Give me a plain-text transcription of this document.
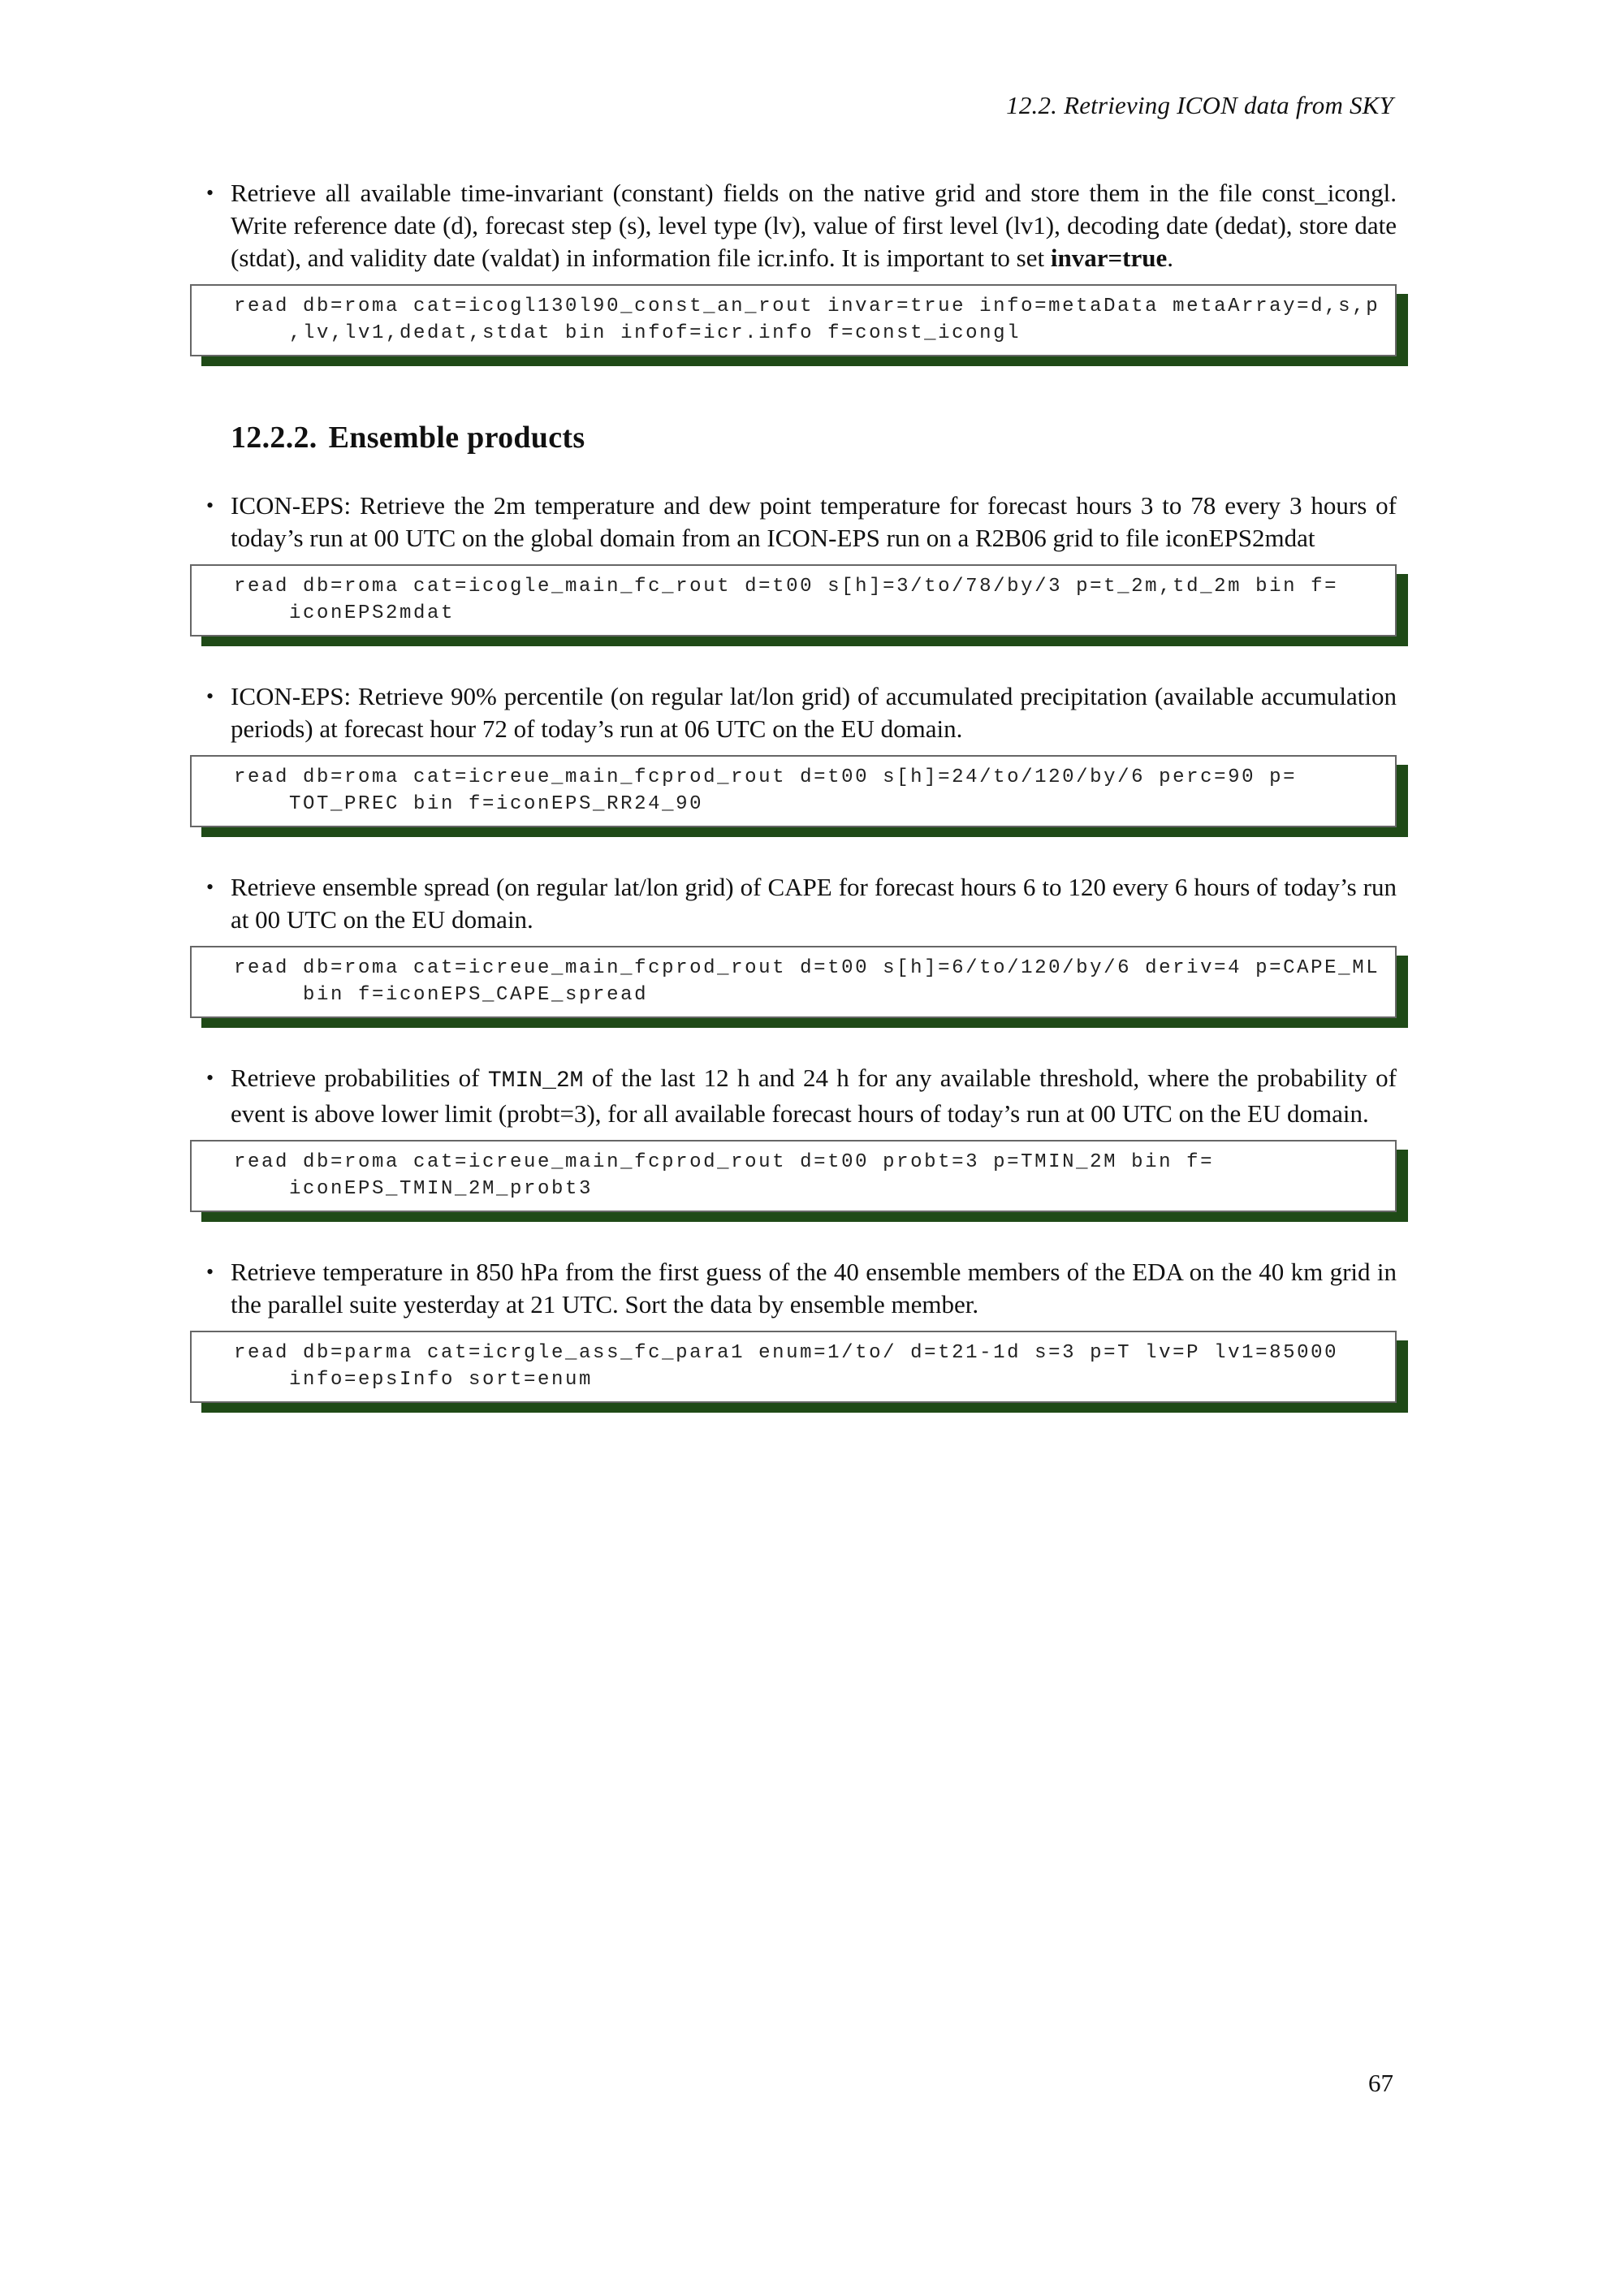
12.2. Retrieving ICON data from SKY
• Retrieve all available time-invariant (constant) fields on the native grid and store them in the file const_icongl. Write reference date (d), forecast step (s), level type (lv), value of first level (lv1), decoding date (dedat), store date (stdat), and validity date (valdat) in information file icr.info. It is important to set invar=true.
read db=roma cat=icogl130l90_const_an_rout invar=true info=metaData metaArray=d,s,p
,lv,lv1,dedat,stdat bin infof=icr.info f=const_icongl
12.2.2. Ensemble products
• ICON-EPS: Retrieve the 2m temperature and dew point temperature for forecast hours 3 to 78 every 3 hours of today’s run at 00 UTC on the global domain from an ICON-EPS run on a R2B06 grid to file iconEPS2mdat
read db=roma cat=icogle_main_fc_rout d=t00 s[h]=3/to/78/by/3 p=t_2m,td_2m bin f=
iconEPS2mdat
• ICON-EPS: Retrieve 90% percentile (on regular lat/lon grid) of accumulated precipitation (available accumulation periods) at forecast hour 72 of today’s run at 06 UTC on the EU domain.
read db=roma cat=icreue_main_fcprod_rout d=t00 s[h]=24/to/120/by/6 perc=90 p=
TOT_PREC bin f=iconEPS_RR24_90
• Retrieve ensemble spread (on regular lat/lon grid) of CAPE for forecast hours 6 to 120 every 6 hours of today’s run at 00 UTC on the EU domain.
read db=roma cat=icreue_main_fcprod_rout d=t00 s[h]=6/to/120/by/6 deriv=4 p=CAPE_ML
bin f=iconEPS_CAPE_spread
• Retrieve probabilities of TMIN_2M of the last 12 h and 24 h for any available threshold, where the probability of event is above lower limit (probt=3), for all available forecast hours of today’s run at 00 UTC on the EU domain.
read db=roma cat=icreue_main_fcprod_rout d=t00 probt=3 p=TMIN_2M bin f=
iconEPS_TMIN_2M_probt3
• Retrieve temperature in 850 hPa from the first guess of the 40 ensemble members of the EDA on the 40 km grid in the parallel suite yesterday at 21 UTC. Sort the data by ensemble member.
read db=parma cat=icrgle_ass_fc_para1 enum=1/to/ d=t21-1d s=3 p=T lv=P lv1=85000
info=epsInfo sort=enum
67
